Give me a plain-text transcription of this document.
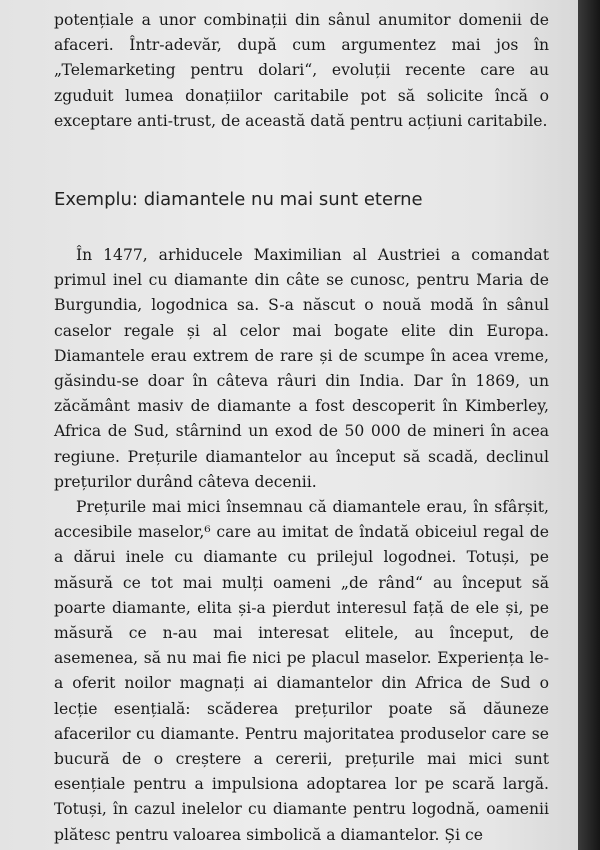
potențiale a unor combinații din sânul anumitor domenii de afaceri. Într-adevăr, după cum argumentez mai jos în „Telemarketing pentru dolari“, evoluții recente care au zguduit lumea donațiilor caritabile pot să solicite încă o exceptare anti-trust, de această dată pentru acțiuni caritabile.

Exemplu: diamantele nu mai sunt eterne

În 1477, arhiducele Maximilian al Austriei a comandat primul inel cu diamante din câte se cunosc, pentru Maria de Burgundia, logodnica sa. S-a născut o nouă modă în sânul caselor regale și al celor mai bogate elite din Europa. Diamantele erau extrem de rare și de scumpe în acea vreme, găsindu-se doar în câteva râuri din India. Dar în 1869, un zăcământ masiv de diamante a fost descoperit în Kimberley, Africa de Sud, stârnind un exod de 50 000 de mineri în acea regiune. Prețurile diamantelor au început să scadă, declinul prețurilor durând câteva decenii.

Prețurile mai mici însemnau că diamantele erau, în sfârșit, accesibile maselor,⁶ care au imitat de îndată obiceiul regal de a dărui inele cu diamante cu prilejul logodnei. Totuși, pe măsură ce tot mai mulți oameni „de rând“ au început să poarte diamante, elita și-a pierdut interesul față de ele și, pe măsură ce n-au mai interesat elitele, au început, de asemenea, să nu mai fie nici pe placul maselor. Experiența le-a oferit noilor magnați ai diamantelor din Africa de Sud o lecție esențială: scăderea prețurilor poate să dăuneze afacerilor cu diamante. Pentru majoritatea produselor care se bucură de o creștere a cererii, prețurile mai mici sunt esențiale pentru a impulsiona adoptarea lor pe scară largă. Totuși, în cazul inelelor cu diamante pentru logodnă, oamenii plătesc pentru valoarea simbolică a diamantelor. Și ce
